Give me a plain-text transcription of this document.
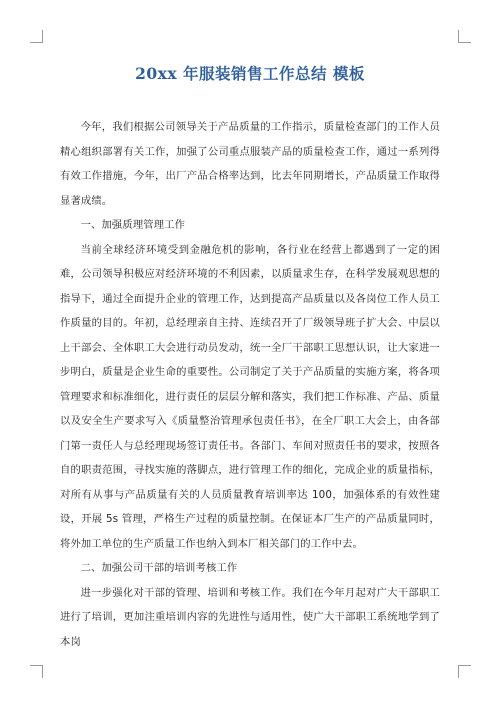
20xx 年服装销售工作总结 模板

今年，我们根据公司领导关于产品质量的工作指示，质量检查部门的工作人员精心组织部署有关工作，加强了公司重点服装产品的质量检查工作，通过一系列得有效工作措施，今年，出厂产品合格率达到，比去年同期增长，产品质量工作取得显著成绩。

一、加强质理管理工作

当前全球经济环境受到金融危机的影响，各行业在经营上都遇到了一定的困难，公司领导积极应对经济环境的不利因素，以质量求生存，在科学发展观思想的指导下，通过全面提升企业的管理工作，达到提高产品质量以及各岗位工作人员工作质量的目的。年初，总经理亲自主持、连续召开了厂级领导班子扩大会、中层以上干部会、全体职工大会进行动员发动，统一全厂干部职工思想认识，让大家进一步明白，质量是企业生命的重要性。公司制定了关于产品质量的实施方案，将各项管理要求和标准细化，进行责任的层层分解和落实，我们把工作标准、产品、质量以及安全生产要求写入《质量整治管理承包责任书》，在全厂职工大会上，由各部门第一责任人与总经理现场签订责任书。各部门、车间对照责任书的要求，按照各自的职责范围，寻找实施的落脚点，进行管理工作的细化，完成企业的质量指标，对所有从事与产品质量有关的人员质量教育培训率达 100，加强体系的有效性建设，开展 5s 管理，严格生产过程的质量控制。在保证本厂生产的产品质量同时，将外加工单位的生产质量工作也纳入到本厂相关部门的工作中去。

二、加强公司干部的培训考核工作

进一步强化对干部的管理、培训和考核工作。我们在今年月起对广大干部职工进行了培训，更加注重培训内容的先进性与适用性，使广大干部职工系统地学到了本岗
